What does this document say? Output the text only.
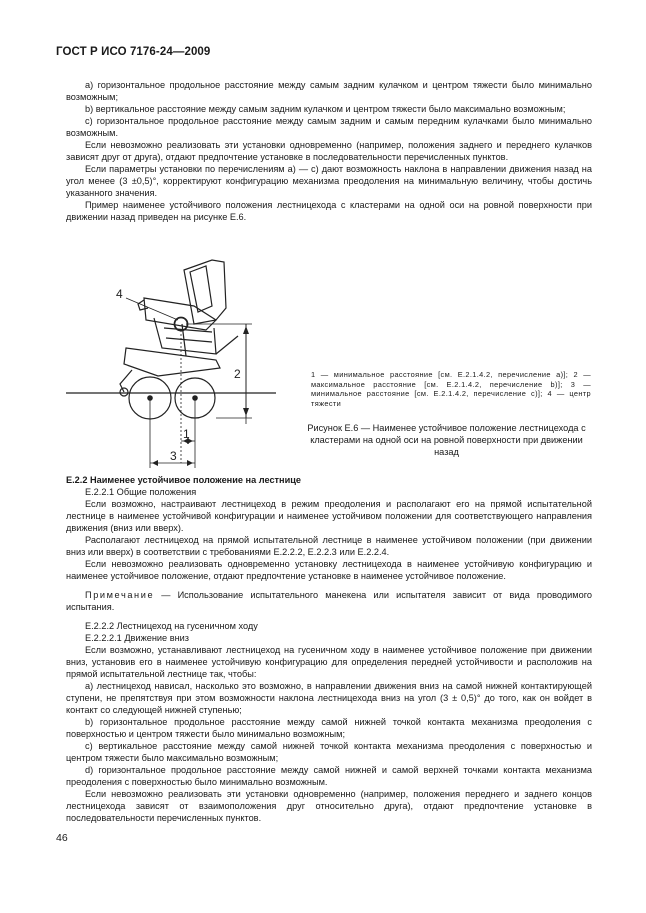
ГОСТ Р ИСО 7176-24—2009

а) горизонтальное продольное расстояние между самым задним кулачком и центром тяжести было минимально возможным;

b) вертикальное расстояние между самым задним кулачком и центром тяжести было максимально возможным;

с) горизонтальное продольное расстояние между самым задним и самым передним кулачками было минимально возможным.

Если невозможно реализовать эти установки одновременно (например, положения заднего и переднего кулачков зависят друг от друга), отдают предпочтение установке в последовательности перечисленных пунктов.

Если параметры установки по перечислениям а) — с) дают возможность наклона в направлении движения назад на угол менее (3 ±0,5)°, корректируют конфигурацию механизма преодоления на минимальную величину, чтобы достичь указанного значения.

Пример наименее устойчивого положения лестницехода с кластерами на одной оси на ровной поверхности при движении назад приведен на рисунке Е.6.

1
2
3
4
1 — минимальное расстояние [см. Е.2.1.4.2, перечисление а)]; 2 — максимальное расстояние [см. Е.2.1.4.2, перечисление b)]; 3 — минимальное расстояние [см. Е.2.1.4.2, перечисление с)]; 4 — центр тяжести
Рисунок Е.6 — Наименее устойчивое положение лестницехода с кластерами на одной оси на ровной поверхности при движении назад

Е.2.2 Наименее устойчивое положение на лестнице

Е.2.2.1 Общие положения

Если возможно, настраивают лестницеход в режим преодоления и располагают его на прямой испытательной лестнице в наименее устойчивой конфигурации и наименее устойчивом положении для соответствующего направления движения (вниз или вверх).

Располагают лестницеход на прямой испытательной лестнице в наименее устойчивом положении (при движении вниз или вверх) в соответствии с требованиями Е.2.2.2, Е.2.2.3 или Е.2.2.4.

Если невозможно реализовать одновременно установку лестницехода в наименее устойчивую конфигурацию и наименее устойчивое положение, отдают предпочтение установке в наименее устойчивое положение.

Примечание — Использование испытательного манекена или испытателя зависит от вида проводимого испытания.

Е.2.2.2 Лестницеход на гусеничном ходу

Е.2.2.2.1 Движение вниз

Если возможно, устанавливают лестницеход на гусеничном ходу в наименее устойчивое положение при движении вниз, установив его в наименее устойчивую конфигурацию для определения передней устойчивости и расположив на прямой испытательной лестнице так, чтобы:

а) лестницеход нависал, насколько это возможно, в направлении движения вниз на самой нижней контактирующей ступени, не препятствуя при этом возможности наклона лестницехода вниз на угол (3 ± 0,5)° до того, как он войдет в контакт со следующей нижней ступенью;

b) горизонтальное продольное расстояние между самой нижней точкой контакта механизма преодоления с поверхностью и центром тяжести было минимально возможным;

с) вертикальное расстояние между самой нижней точкой контакта механизма преодоления с поверхностью и центром тяжести было максимально возможным;

d) горизонтальное продольное расстояние между самой нижней и самой верхней точками контакта механизма преодоления с поверхностью было минимально возможным.

Если невозможно реализовать эти установки одновременно (например, положения переднего и заднего концов лестницехода зависят от взаимоположения друг относительно друга), отдают предпочтение установке в последовательности перечисленных пунктов.

46
